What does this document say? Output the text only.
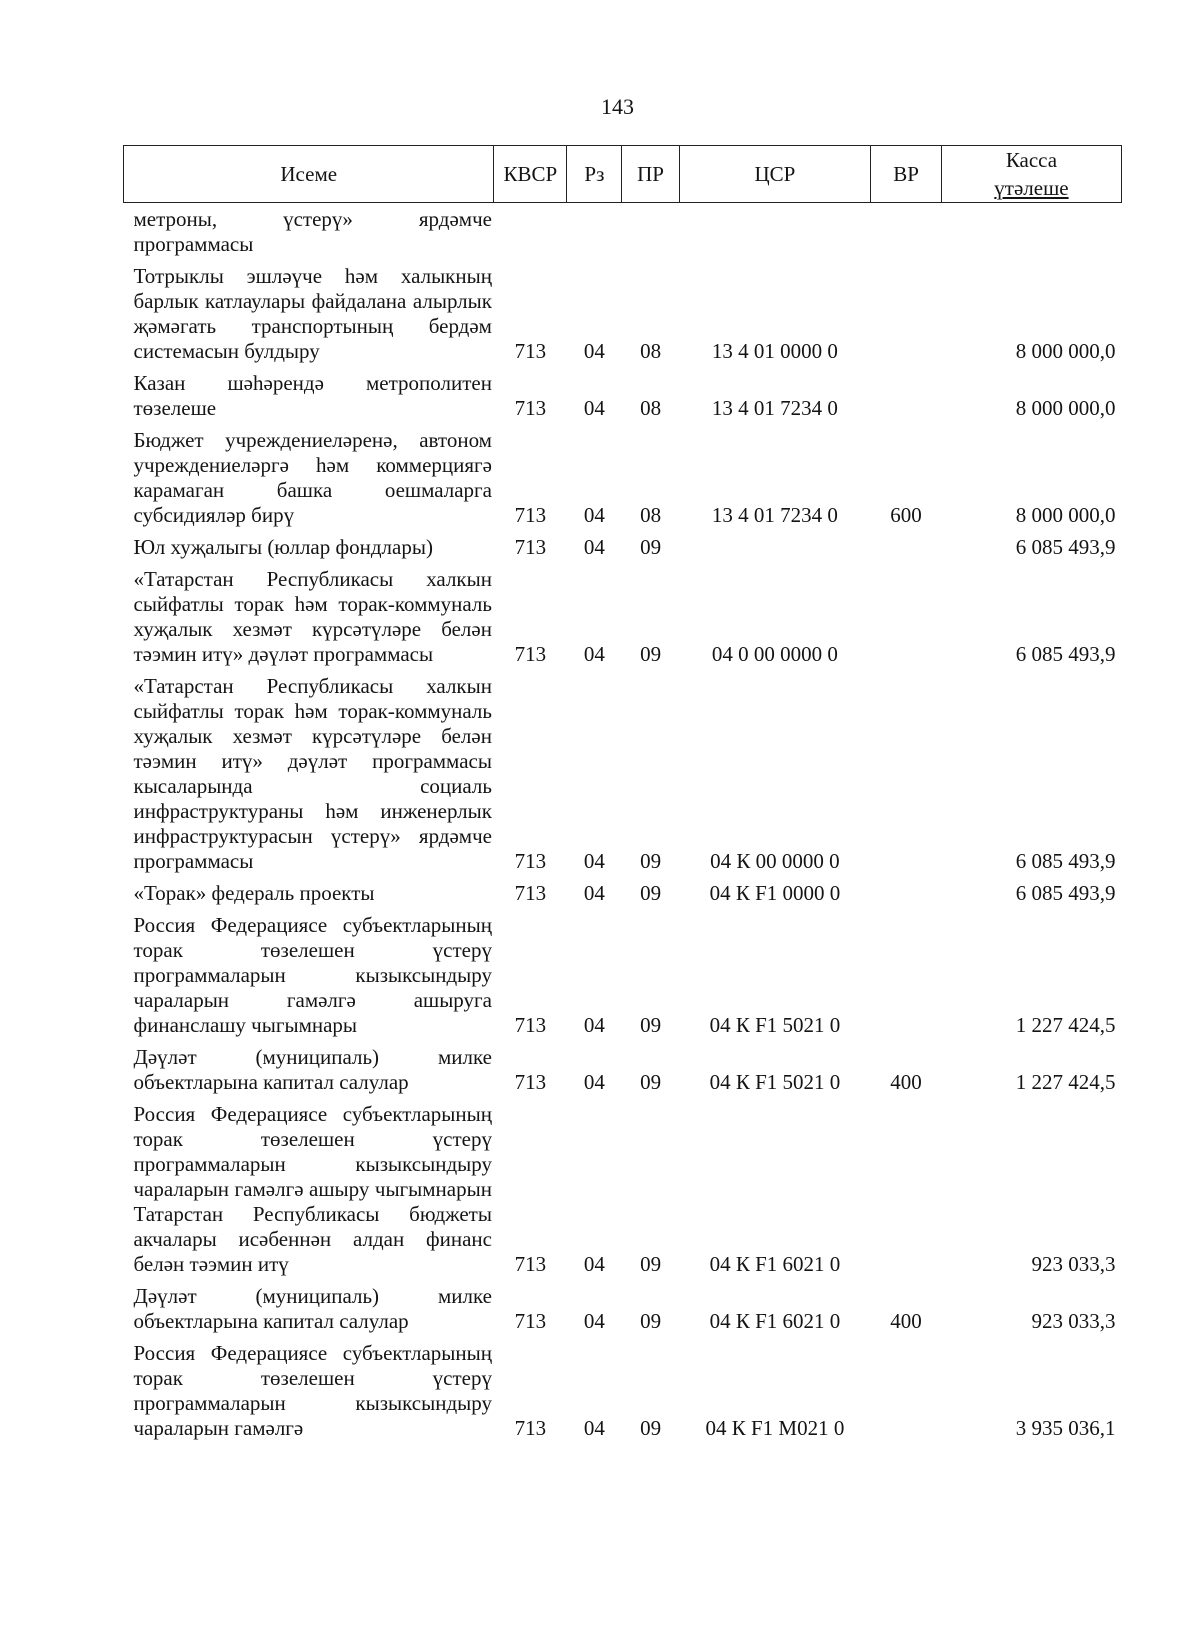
143
Исеме	КВСР	Рз	ПР	ЦСР	ВР	Касса
үтәлеше

метроны, үстерү» ярдәмче программасы						
Тотрыклы эшләүче һәм халыкның барлык катлаулары файдалана алырлык җәмәгать транспортының бердәм системасын булдыру	713	04	08	13 4 01 0000 0		8 000 000,0
Казан шәһәрендә метрополитен төзелеше	713	04	08	13 4 01 7234 0		8 000 000,0
Бюджет учреждениеләренә, автоном учреждениеләргә һәм коммерциягә карамаган башка оешмаларга субсидияләр бирү	713	04	08	13 4 01 7234 0	600	8 000 000,0
Юл хуҗалыгы (юллар фондлары)	713	04	09			6 085 493,9
«Татарстан Республикасы халкын сыйфатлы торак һәм торак-коммуналь хуҗалык хезмәт күрсәтүләре белән тәэмин итү» дәүләт программасы	713	04	09	04 0 00 0000 0		6 085 493,9
«Татарстан Республикасы халкын сыйфатлы торак һәм торак-коммуналь хуҗалык хезмәт күрсәтүләре белән тәэмин итү» дәүләт программасы кысаларында социаль инфраструктураны һәм инженерлык инфраструктурасын үстерү» ярдәмче программасы	713	04	09	04 К 00 0000 0		6 085 493,9
«Торак» федераль проекты	713	04	09	04 К F1 0000 0		6 085 493,9
Россия Федерациясе субъектларының торак төзелешен үстерү программаларын кызыксындыру чараларын гамәлгә ашыруга финанслашу чыгымнары	713	04	09	04 К F1 5021 0		1 227 424,5
Дәүләт (муниципаль) милке объектларына капитал салулар	713	04	09	04 К F1 5021 0	400	1 227 424,5
Россия Федерациясе субъектларының торак төзелешен үстерү программаларын кызыксындыру чараларын гамәлгә ашыру чыгымнарын Татарстан Республикасы бюджеты акчалары исәбеннән алдан финанс белән тәэмин итү	713	04	09	04 К F1 6021 0		923 033,3
Дәүләт (муниципаль) милке объектларына капитал салулар	713	04	09	04 К F1 6021 0	400	923 033,3
Россия Федерациясе субъектларының торак төзелешен үстерү программаларын кызыксындыру чараларын гамәлгә	713	04	09	04 К F1 М021 0		3 935 036,1
